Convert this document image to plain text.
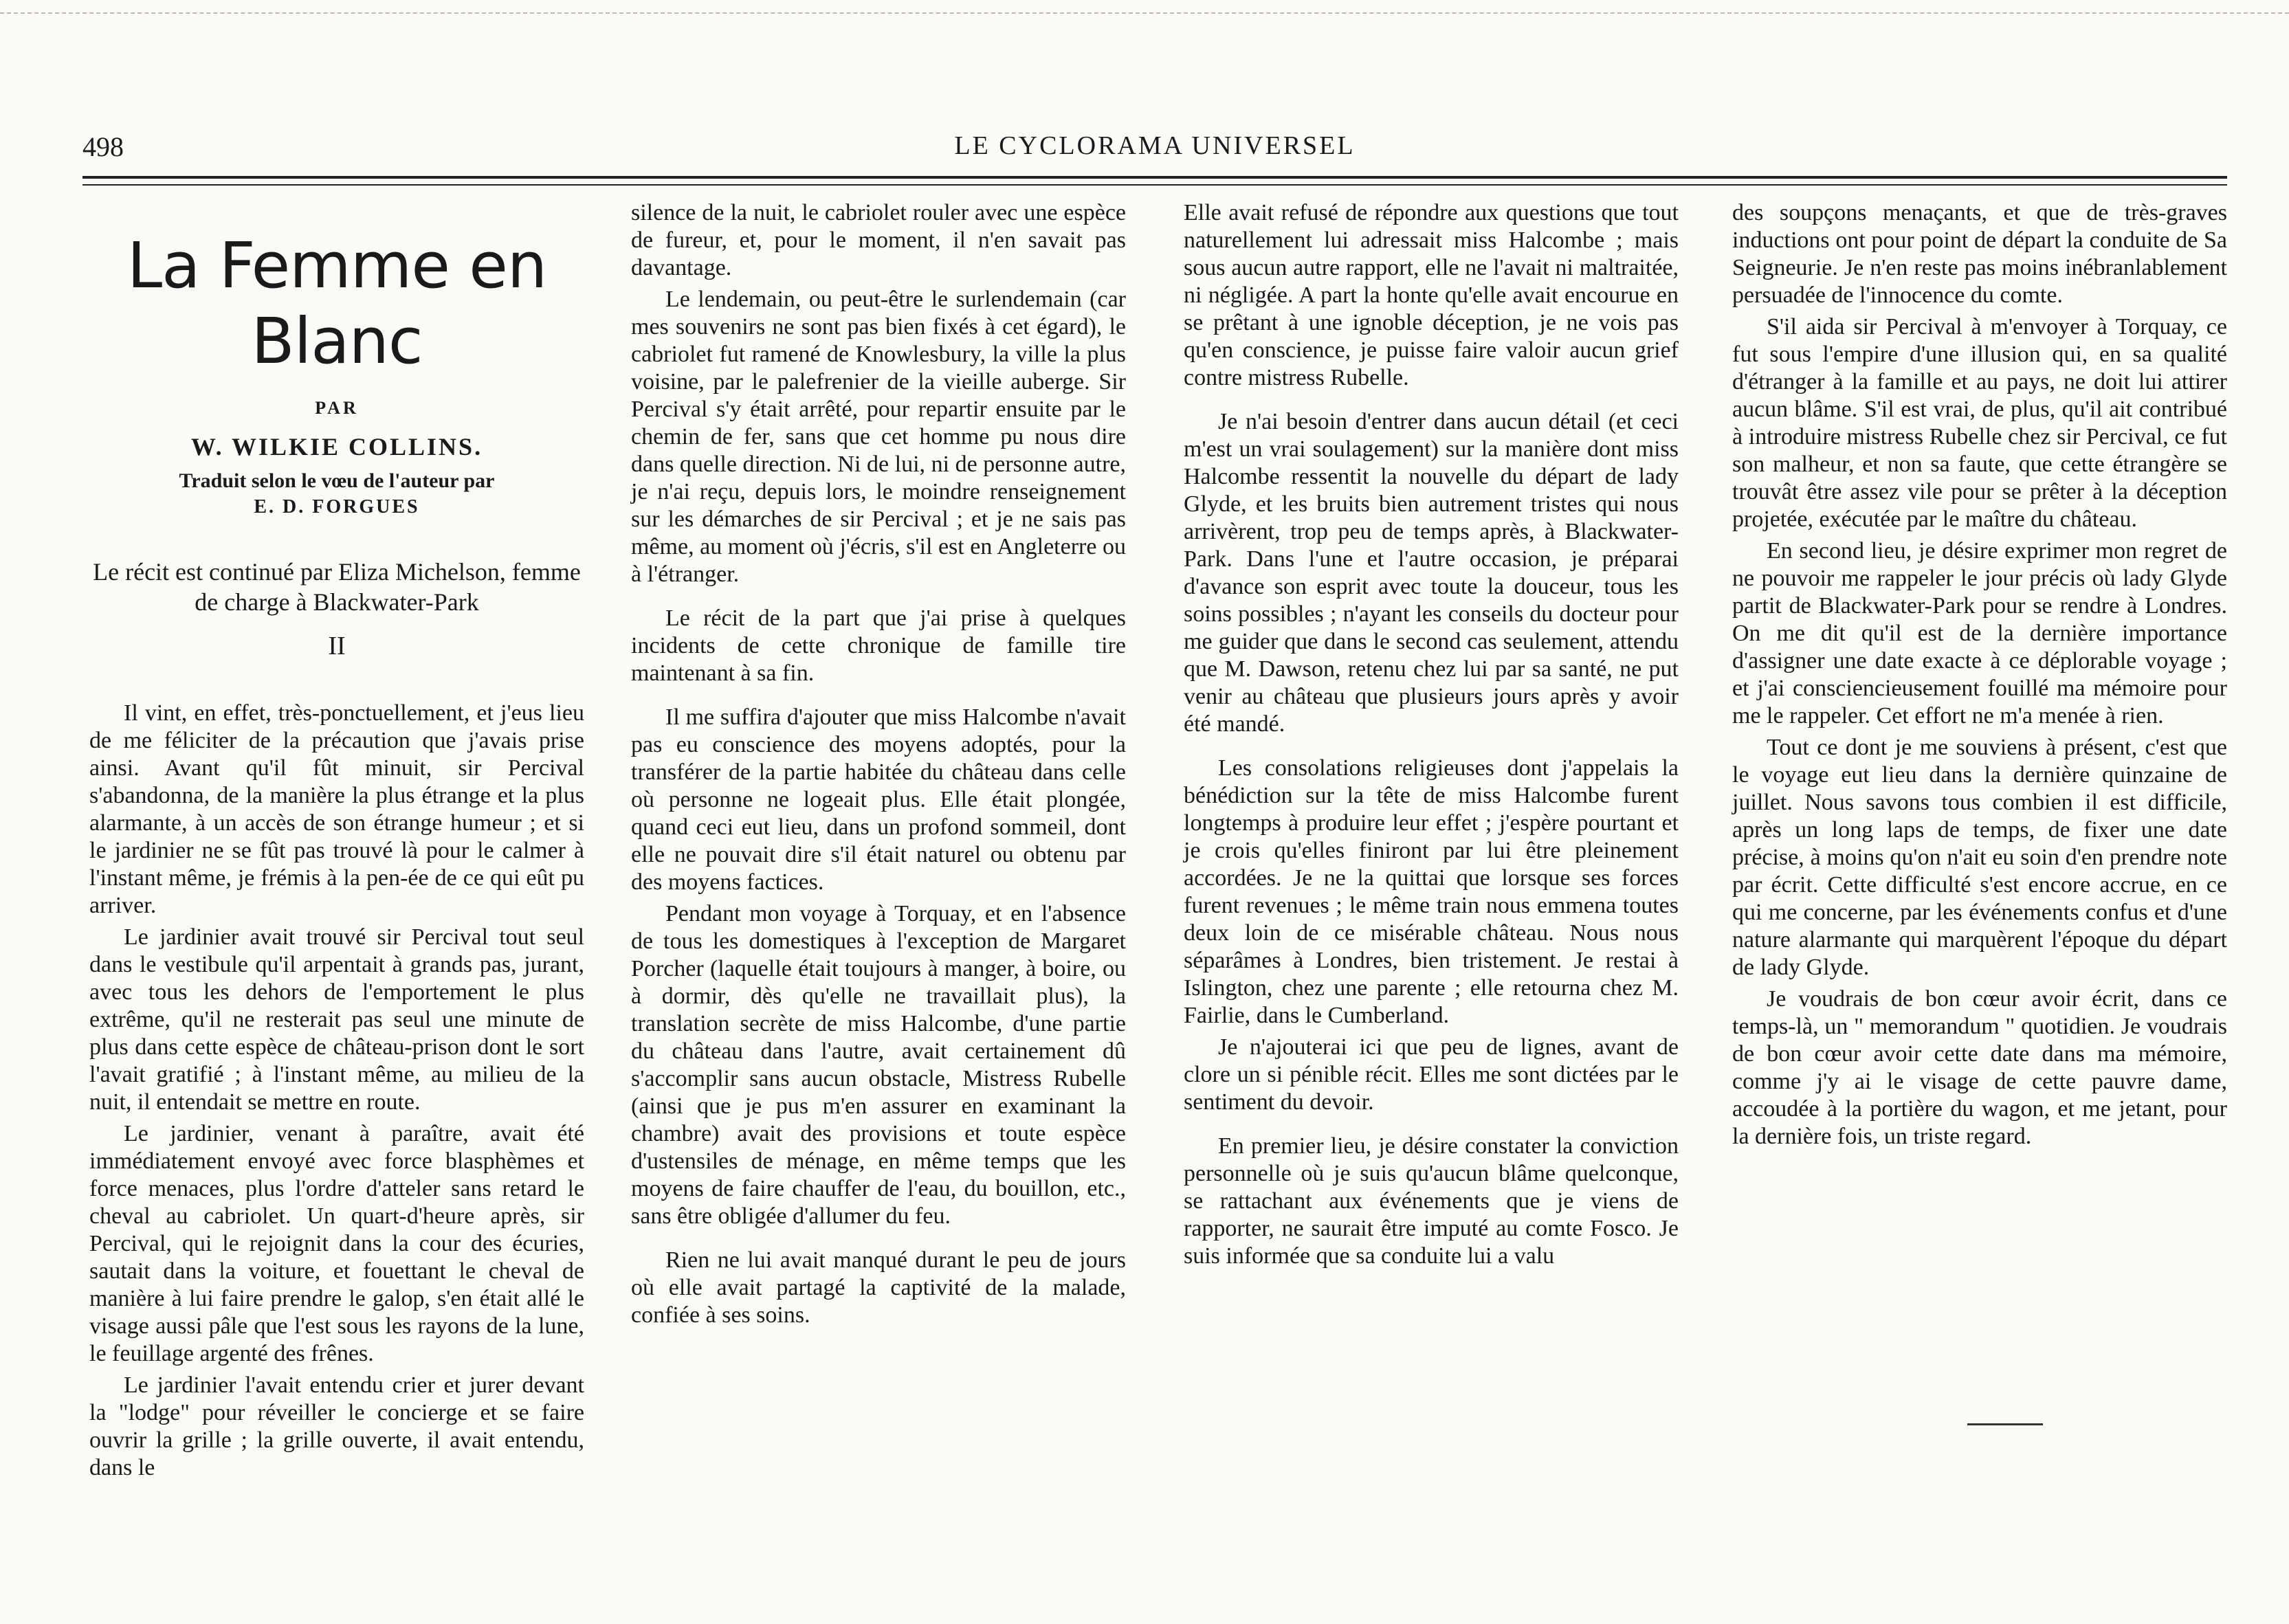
498	LE CYCLORAMA UNIVERSEL
La Femme en Blanc
PAR
W. WILKIE COLLINS.
Traduit selon le vœu de l'auteur par
E. D. FORGUES
Le récit est continué par Eliza Michelson, femme de charge à Blackwater-Park
II

Il vint, en effet, très-ponctuellement, et j'eus lieu de me féliciter de la précaution que j'avais prise ainsi. Avant qu'il fût minuit, sir Percival s'abandonna, de la manière la plus étrange et la plus alarmante, à un accès de son étrange humeur ; et si le jardinier ne se fût pas trouvé là pour le calmer à l'instant même, je frémis à la pen-ée de ce qui eût pu arriver.

Le jardinier avait trouvé sir Percival tout seul dans le vestibule qu'il arpentait à grands pas, jurant, avec tous les dehors de l'emportement le plus extrême, qu'il ne resterait pas seul une minute de plus dans cette espèce de château-prison dont le sort l'avait gratifié ; à l'instant même, au milieu de la nuit, il entendait se mettre en route.

Le jardinier, venant à paraître, avait été immédiatement envoyé avec force blasphèmes et force menaces, plus l'ordre d'atteler sans retard le cheval au cabriolet. Un quart-d'heure après, sir Percival, qui le rejoignit dans la cour des écuries, sautait dans la voiture, et fouettant le cheval de manière à lui faire prendre le galop, s'en était allé le visage aussi pâle que l'est sous les rayons de la lune, le feuillage argenté des frênes.

Le jardinier l'avait entendu crier et jurer devant la "lodge" pour réveiller le concierge et se faire ouvrir la grille ; la grille ouverte, il avait entendu, dans le

silence de la nuit, le cabriolet rouler avec une espèce de fureur, et, pour le moment, il n'en savait pas davantage.

Le lendemain, ou peut-être le surlendemain (car mes souvenirs ne sont pas bien fixés à cet égard), le cabriolet fut ramené de Knowlesbury, la ville la plus voisine, par le palefrenier de la vieille auberge. Sir Percival s'y était arrêté, pour repartir ensuite par le chemin de fer, sans que cet homme pu nous dire dans quelle direction. Ni de lui, ni de personne autre, je n'ai reçu, depuis lors, le moindre renseignement sur les démarches de sir Percival ; et je ne sais pas même, au moment où j'écris, s'il est en Angleterre ou à l'étranger.

Le récit de la part que j'ai prise à quelques incidents de cette chronique de famille tire maintenant à sa fin.

Il me suffira d'ajouter que miss Halcombe n'avait pas eu conscience des moyens adoptés, pour la transférer de la partie habitée du château dans celle où personne ne logeait plus. Elle était plongée, quand ceci eut lieu, dans un profond sommeil, dont elle ne pouvait dire s'il était naturel ou obtenu par des moyens factices.

Pendant mon voyage à Torquay, et en l'absence de tous les domestiques à l'exception de Margaret Porcher (laquelle était toujours à manger, à boire, ou à dormir, dès qu'elle ne travaillait plus), la translation secrète de miss Halcombe, d'une partie du château dans l'autre, avait certainement dû s'accomplir sans aucun obstacle, Mistress Rubelle (ainsi que je pus m'en assurer en examinant la chambre) avait des provisions et toute espèce d'ustensiles de ménage, en même temps que les moyens de faire chauffer de l'eau, du bouillon, etc., sans être obligée d'allumer du feu.

Rien ne lui avait manqué durant le peu de jours où elle avait partagé la captivité de la malade, confiée à ses soins.

Elle avait refusé de répondre aux questions que tout naturellement lui adressait miss Halcombe ; mais sous aucun autre rapport, elle ne l'avait ni maltraitée, ni négligée. A part la honte qu'elle avait encourue en se prêtant à une ignoble déception, je ne vois pas qu'en conscience, je puisse faire valoir aucun grief contre mistress Rubelle.

Je n'ai besoin d'entrer dans aucun détail (et ceci m'est un vrai soulagement) sur la manière dont miss Halcombe ressentit la nouvelle du départ de lady Glyde, et les bruits bien autrement tristes qui nous arrivèrent, trop peu de temps après, à Blackwater-Park. Dans l'une et l'autre occasion, je préparai d'avance son esprit avec toute la douceur, tous les soins possibles ; n'ayant les conseils du docteur pour me guider que dans le second cas seulement, attendu que M. Dawson, retenu chez lui par sa santé, ne put venir au château que plusieurs jours après y avoir été mandé.

Les consolations religieuses dont j'appelais la bénédiction sur la tête de miss Halcombe furent longtemps à produire leur effet ; j'espère pourtant et je crois qu'elles finiront par lui être pleinement accordées. Je ne la quittai que lorsque ses forces furent revenues ; le même train nous emmena toutes deux loin de ce misérable château. Nous nous séparâmes à Londres, bien tristement. Je restai à Islington, chez une parente ; elle retourna chez M. Fairlie, dans le Cumberland.

Je n'ajouterai ici que peu de lignes, avant de clore un si pénible récit. Elles me sont dictées par le sentiment du devoir.

En premier lieu, je désire constater la conviction personnelle où je suis qu'aucun blâme quelconque, se rattachant aux événements que je viens de rapporter, ne saurait être imputé au comte Fosco. Je suis informée que sa conduite lui a valu

des soupçons menaçants, et que de très-graves inductions ont pour point de départ la conduite de Sa Seigneurie. Je n'en reste pas moins inébranlablement persuadée de l'innocence du comte.

S'il aida sir Percival à m'envoyer à Torquay, ce fut sous l'empire d'une illusion qui, en sa qualité d'étranger à la famille et au pays, ne doit lui attirer aucun blâme. S'il est vrai, de plus, qu'il ait contribué à introduire mistress Rubelle chez sir Percival, ce fut son malheur, et non sa faute, que cette étrangère se trouvât être assez vile pour se prêter à la déception projetée, exécutée par le maître du château.

En second lieu, je désire exprimer mon regret de ne pouvoir me rappeler le jour précis où lady Glyde partit de Blackwater-Park pour se rendre à Londres. On me dit qu'il est de la dernière importance d'assigner une date exacte à ce déplorable voyage ; et j'ai consciencieusement fouillé ma mémoire pour me le rappeler. Cet effort ne m'a menée à rien.

Tout ce dont je me souviens à présent, c'est que le voyage eut lieu dans la dernière quinzaine de juillet. Nous savons tous combien il est difficile, après un long laps de temps, de fixer une date précise, à moins qu'on n'ait eu soin d'en prendre note par écrit. Cette difficulté s'est encore accrue, en ce qui me concerne, par les événements confus et d'une nature alarmante qui marquèrent l'époque du départ de lady Glyde.

Je voudrais de bon cœur avoir écrit, dans ce temps-là, un " memorandum " quotidien. Je voudrais de bon cœur avoir cette date dans ma mémoire, comme j'y ai le visage de cette pauvre dame, accoudée à la portière du wagon, et me jetant, pour la dernière fois, un triste regard.
